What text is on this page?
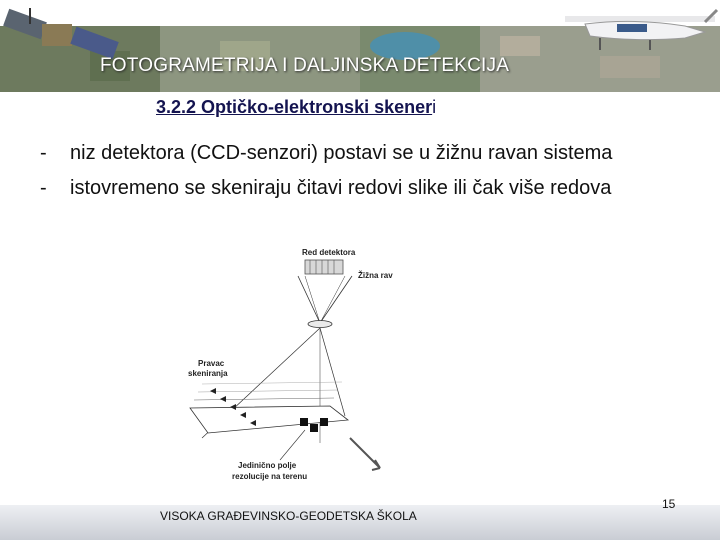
FOTOGRAMETRIJA I DALJINSKA DETEKCIJA
3.2.2 Optičko-elektronski skeneri
- niz detektora (CCD-senzori) postavi se u žižnu ravan sistema
- istovremeno se skeniraju čitavi redovi slike ili čak više redova
Red detektora
Žižna rav
Pravac
skeniranja
Jedinično polje
rezolucije na terenu
VISOKA GRAĐEVINSKO-GEODETSKA ŠKOLA
15
